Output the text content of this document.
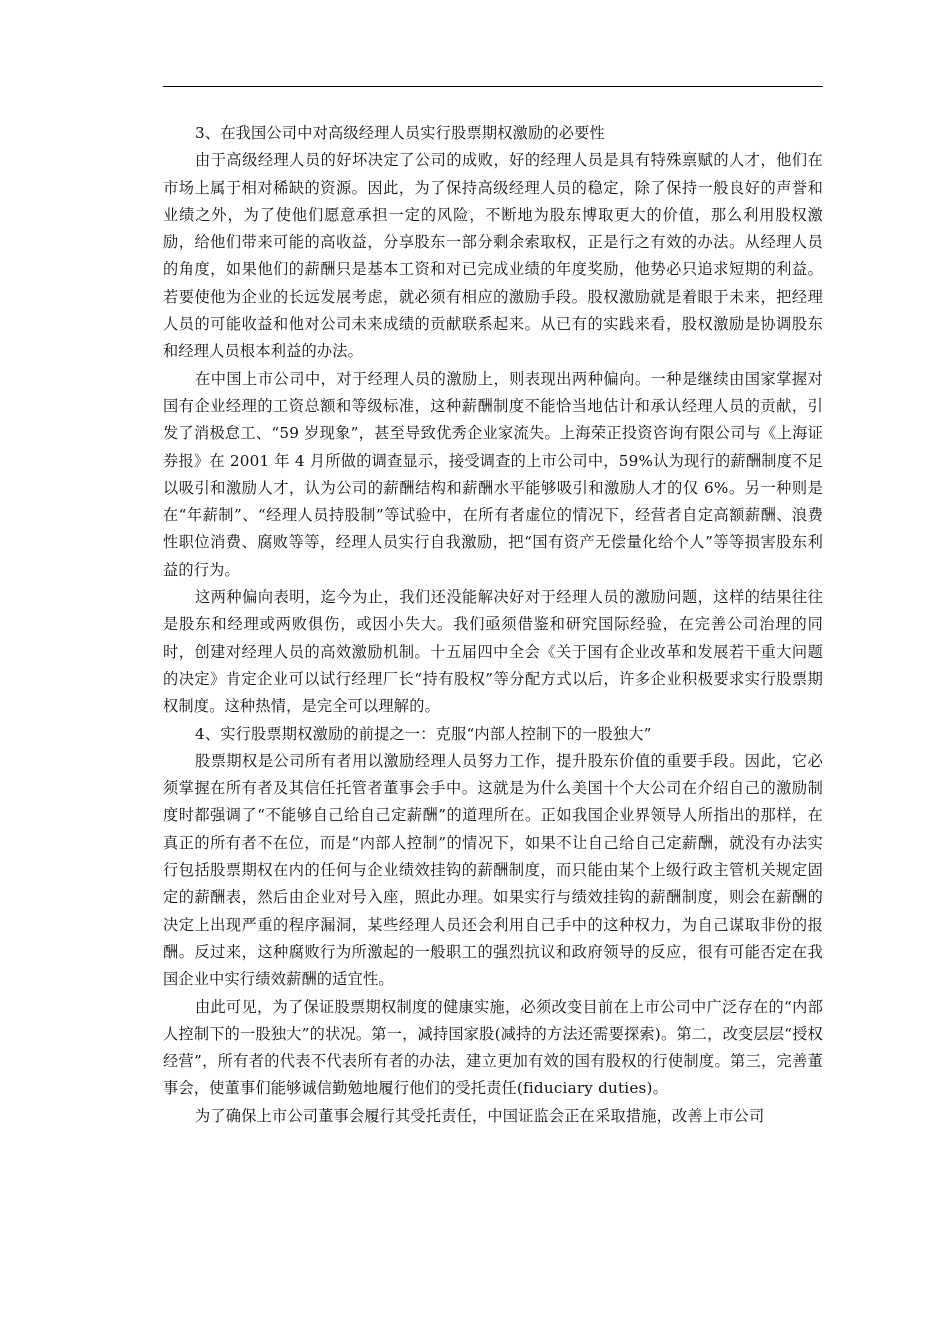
3、在我国公司中对高级经理人员实行股票期权激励的必要性

由于高级经理人员的好坏决定了公司的成败，好的经理人员是具有特殊禀赋的人才，他们在市场上属于相对稀缺的资源。因此，为了保持高级经理人员的稳定，除了保持一般良好的声誉和业绩之外，为了使他们愿意承担一定的风险，不断地为股东博取更大的价值，那么利用股权激励，给他们带来可能的高收益，分享股东一部分剩余索取权，正是行之有效的办法。从经理人员的角度，如果他们的薪酬只是基本工资和对已完成业绩的年度奖励，他势必只追求短期的利益。若要使他为企业的长远发展考虑，就必须有相应的激励手段。股权激励就是着眼于未来，把经理人员的可能收益和他对公司未来成绩的贡献联系起来。从已有的实践来看，股权激励是协调股东和经理人员根本利益的办法。

在中国上市公司中，对于经理人员的激励上，则表现出两种偏向。一种是继续由国家掌握对国有企业经理的工资总额和等级标准，这种薪酬制度不能恰当地估计和承认经理人员的贡献，引发了消极怠工、“59 岁现象”，甚至导致优秀企业家流失。上海荣正投资咨询有限公司与《上海证券报》在 2001 年 4 月所做的调查显示，接受调查的上市公司中，59%认为现行的薪酬制度不足以吸引和激励人才，认为公司的薪酬结构和薪酬水平能够吸引和激励人才的仅 6%。另一种则是在“年薪制”、“经理人员持股制”等试验中，在所有者虚位的情况下，经营者自定高额薪酬、浪费性职位消费、腐败等等，经理人员实行自我激励，把“国有资产无偿量化给个人”等等损害股东利益的行为。

这两种偏向表明，迄今为止，我们还没能解决好对于经理人员的激励问题，这样的结果往往是股东和经理或两败俱伤，或因小失大。我们亟须借鉴和研究国际经验，在完善公司治理的同时，创建对经理人员的高效激励机制。十五届四中全会《关于国有企业改革和发展若干重大问题的决定》肯定企业可以试行经理厂长“持有股权”等分配方式以后，许多企业积极要求实行股票期权制度。这种热情，是完全可以理解的。

4、实行股票期权激励的前提之一：克服“内部人控制下的一股独大”

股票期权是公司所有者用以激励经理人员努力工作，提升股东价值的重要手段。因此，它必须掌握在所有者及其信任托管者董事会手中。这就是为什么美国十个大公司在介绍自己的激励制度时都强调了“不能够自己给自己定薪酬”的道理所在。正如我国企业界领导人所指出的那样，在真正的所有者不在位，而是“内部人控制”的情况下，如果不让自己给自己定薪酬，就没有办法实行包括股票期权在内的任何与企业绩效挂钩的薪酬制度，而只能由某个上级行政主管机关规定固定的薪酬表，然后由企业对号入座，照此办理。如果实行与绩效挂钩的薪酬制度，则会在薪酬的决定上出现严重的程序漏洞，某些经理人员还会利用自己手中的这种权力，为自己谋取非份的报酬。反过来，这种腐败行为所激起的一般职工的强烈抗议和政府领导的反应，很有可能否定在我国企业中实行绩效薪酬的适宜性。

由此可见，为了保证股票期权制度的健康实施，必须改变目前在上市公司中广泛存在的“内部人控制下的一股独大”的状况。第一，减持国家股(减持的方法还需要探索)。第二，改变层层“授权经营”，所有者的代表不代表所有者的办法，建立更加有效的国有股权的行使制度。第三，完善董事会，使董事们能够诚信勤勉地履行他们的受托责任(fiduciary duties)。

为了确保上市公司董事会履行其受托责任，中国证监会正在采取措施，改善上市公司
